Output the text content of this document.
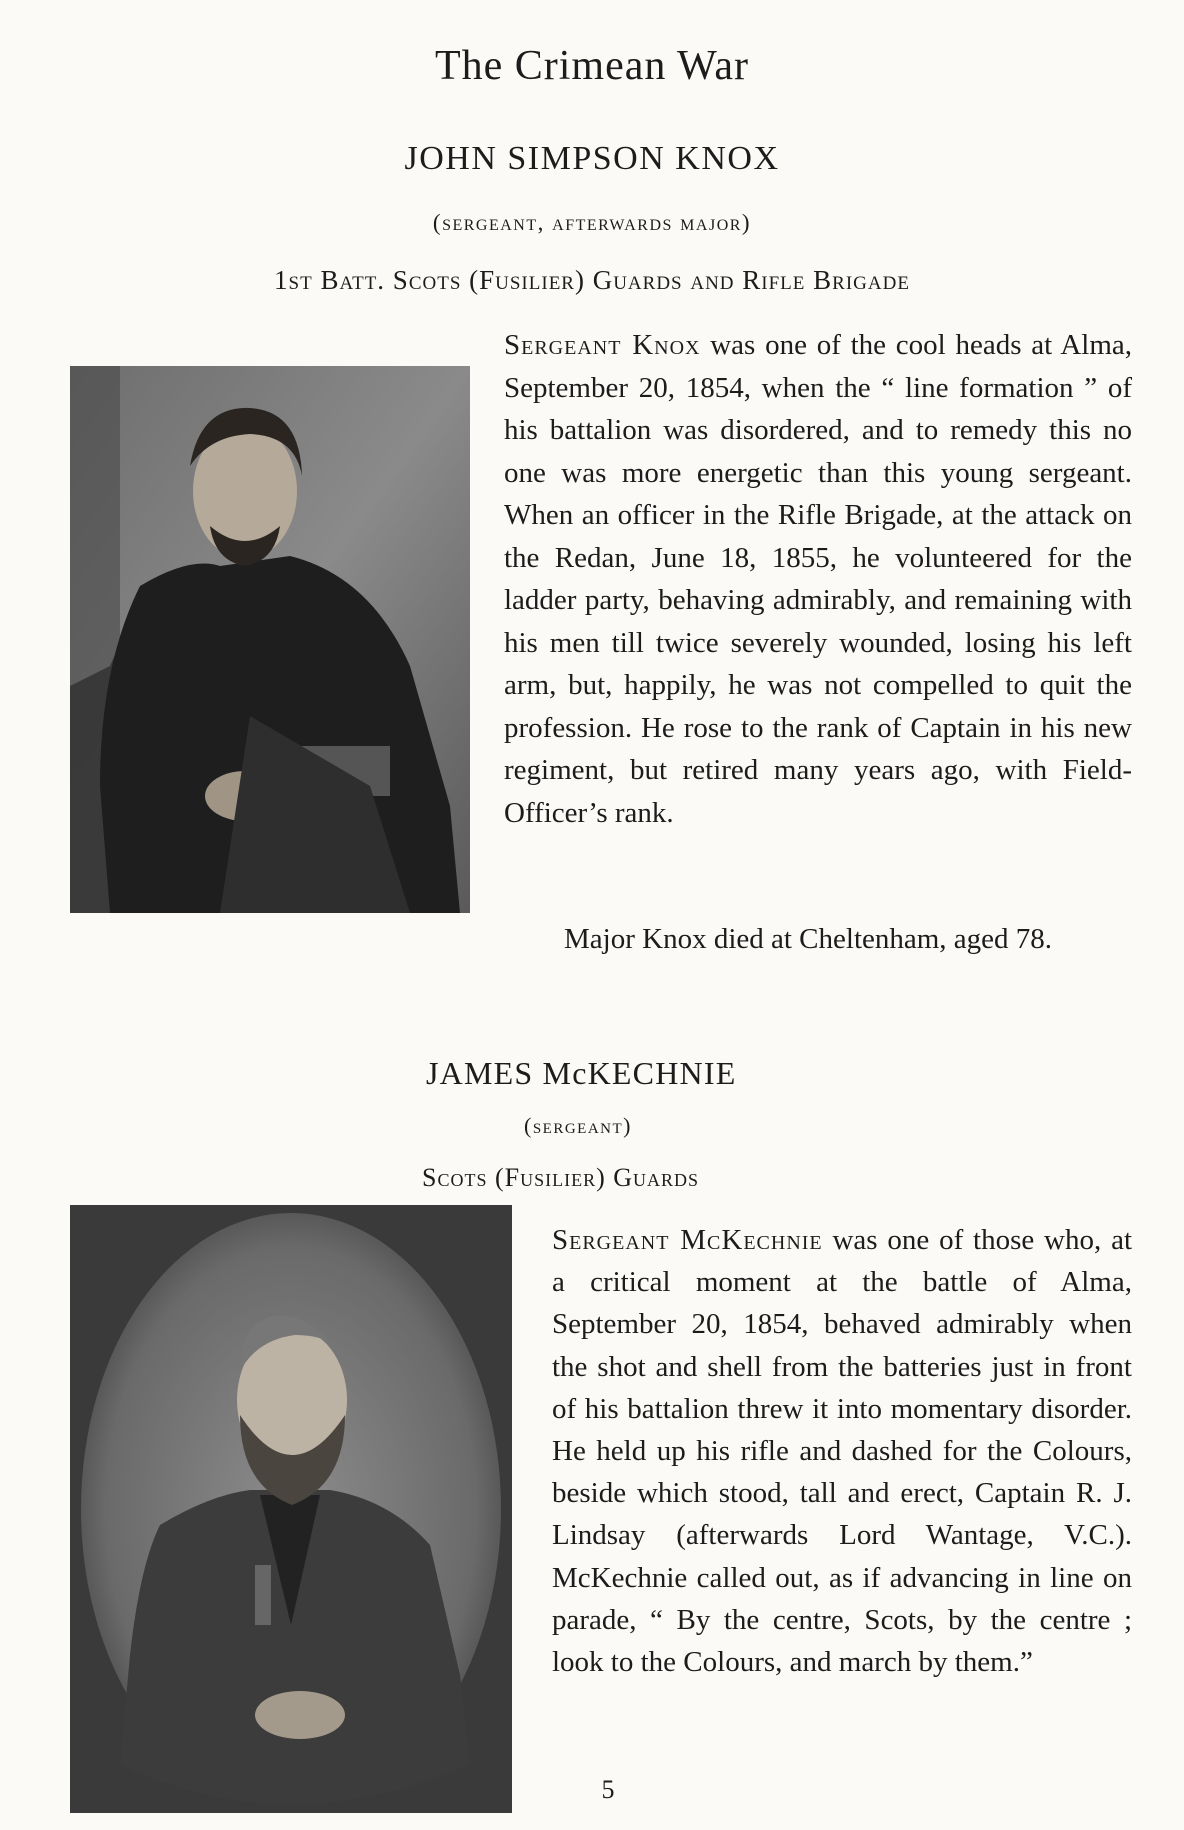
The Crimean War
JOHN SIMPSON KNOX
(sergeant, afterwards major)
1st Batt. Scots (Fusilier) Guards and Rifle Brigade

Sergeant Knox was one of the cool heads at Alma, September 20, 1854, when the “ line formation ” of his battalion was disordered, and to remedy this no one was more energetic than this young sergeant. When an officer in the Rifle Brigade, at the attack on the Redan, June 18, 1855, he volunteered for the ladder party, behaving admirably, and remaining with his men till twice severely wounded, losing his left arm, but, happily, he was not compelled to quit the profession. He rose to the rank of Captain in his new regiment, but retired many years ago, with Field-Officer’s rank.

Major Knox died at Cheltenham, aged 78.

JAMES McKECHNIE
(sergeant)
Scots (Fusilier) Guards

Sergeant McKechnie was one of those who, at a critical moment at the battle of Alma, September 20, 1854, behaved admirably when the shot and shell from the batteries just in front of his battalion threw it into momentary disorder. He held up his rifle and dashed for the Colours, beside which stood, tall and erect, Captain R. J. Lindsay (afterwards Lord Wantage, V.C.). McKechnie called out, as if advancing in line on parade, “ By the centre, Scots, by the centre ; look to the Colours, and march by them.”

5
